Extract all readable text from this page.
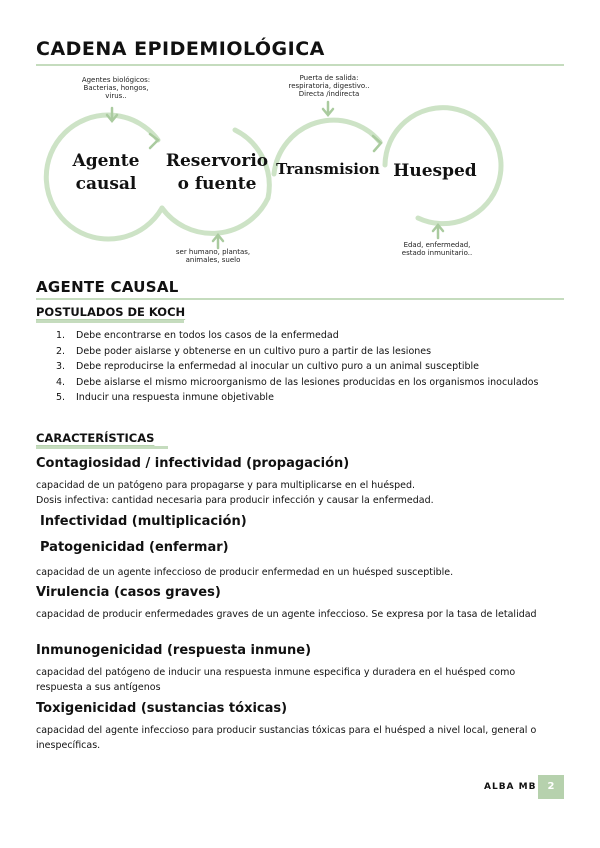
CADENA EPIDEMIOLÓGICA
Agentes biológicos:
Bacterias, hongos,
virus..
Puerta de salida:
respiratoria, digestivo..
Directa /indirecta
ser humano, plantas,
animales, suelo
Edad, enfermedad,
estado inmunitario..
Agente
causal
Reservorio
o fuente
Transmision Huesped
AGENTE CAUSAL
POSTULADOS DE KOCH
1. Debe encontrarse en todos los casos de la enfermedad
2. Debe poder aislarse y obtenerse en un cultivo puro a partir de las lesiones
3. Debe reproducirse la enfermedad al inocular un cultivo puro a un animal susceptible
4. Debe aislarse el mismo microorganismo de las lesiones producidas en los organismos inoculados
5. Inducir una respuesta inmune objetivable
CARACTERÍSTICAS
Contagiosidad / infectividad (propagación)
capacidad de un patógeno para propagarse y para multiplicarse en el huésped.
Dosis infectiva: cantidad necesaria para producir infección y causar la enfermedad.
Infectividad (multiplicación)
Patogenicidad (enfermar)
capacidad de un agente infeccioso de producir enfermedad en un huésped susceptible.
Virulencia (casos graves)
capacidad de producir enfermedades graves de un agente infeccioso. Se expresa por la tasa de letalidad
Inmunogenicidad (respuesta inmune)
capacidad del patógeno de inducir una respuesta inmune especifica y duradera en el huésped como respuesta a sus antígenos
Toxigenicidad (sustancias tóxicas)
capacidad del agente infeccioso para producir sustancias tóxicas para el huésped a nivel local, general o inespecíficas.
ALBA MB	2
